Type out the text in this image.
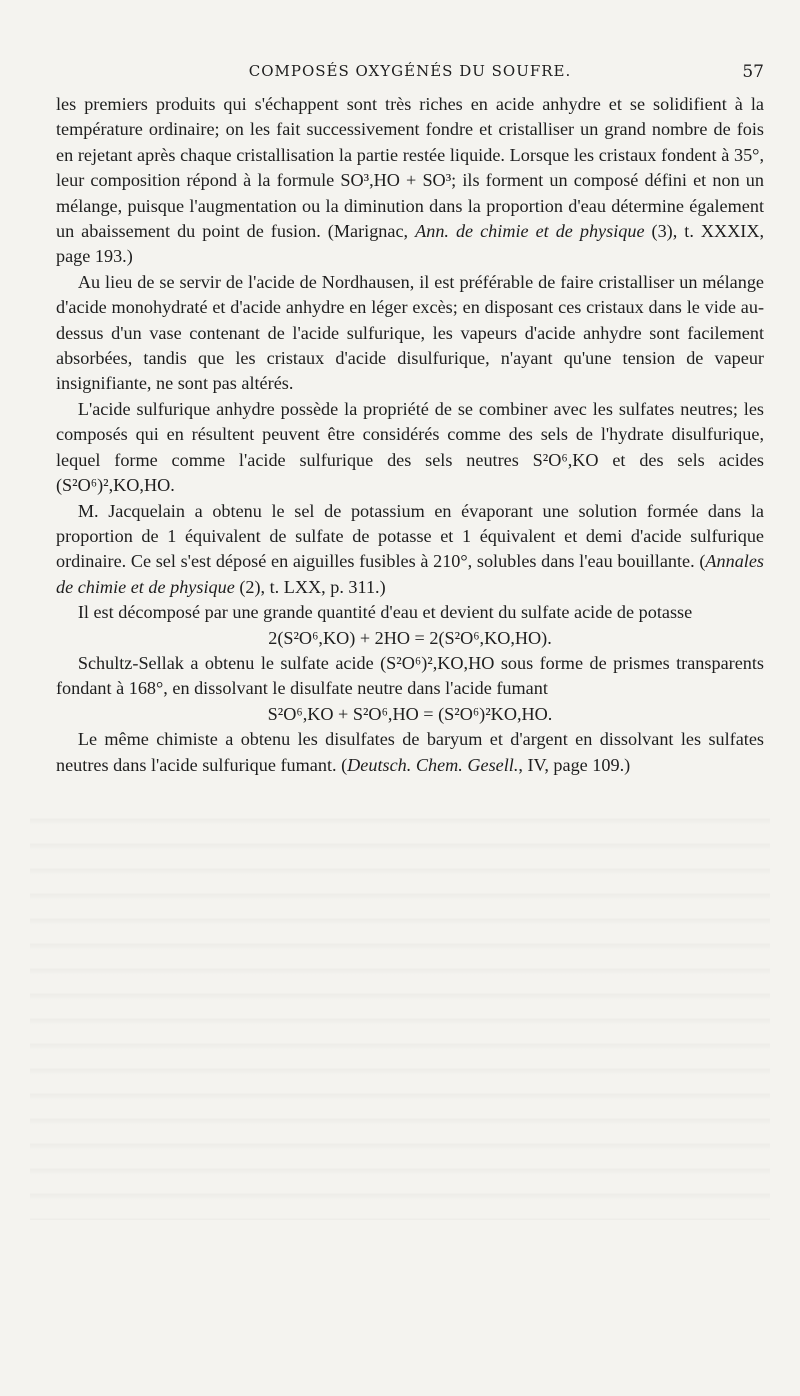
COMPOSÉS OXYGÉNÉS DU SOUFRE.	57

les premiers produits qui s'échappent sont très riches en acide anhydre et se solidifient à la température ordinaire; on les fait successivement fondre et cristalliser un grand nombre de fois en rejetant après chaque cristallisation la partie restée liquide. Lorsque les cristaux fondent à 35°, leur composition répond à la formule SO³,HO + SO³; ils forment un composé défini et non un mélange, puisque l'augmentation ou la diminution dans la proportion d'eau détermine également un abaissement du point de fusion. (Marignac, Ann. de chimie et de physique (3), t. XXXIX, page 193.)

Au lieu de se servir de l'acide de Nordhausen, il est préférable de faire cristalliser un mélange d'acide monohydraté et d'acide anhydre en léger excès; en disposant ces cristaux dans le vide au-dessus d'un vase contenant de l'acide sulfurique, les vapeurs d'acide anhydre sont facilement absorbées, tandis que les cristaux d'acide disulfurique, n'ayant qu'une tension de vapeur insignifiante, ne sont pas altérés.

L'acide sulfurique anhydre possède la propriété de se combiner avec les sulfates neutres; les composés qui en résultent peuvent être considérés comme des sels de l'hydrate disulfurique, lequel forme comme l'acide sulfurique des sels neutres S²O⁶,KO et des sels acides (S²O⁶)²,KO,HO.

M. Jacquelain a obtenu le sel de potassium en évaporant une solution formée dans la proportion de 1 équivalent de sulfate de potasse et 1 équivalent et demi d'acide sulfurique ordinaire. Ce sel s'est déposé en aiguilles fusibles à 210°, solubles dans l'eau bouillante. (Annales de chimie et de physique (2), t. LXX, p. 311.)

Il est décomposé par une grande quantité d'eau et devient du sulfate acide de potasse

2(S²O⁶,KO) + 2HO = 2(S²O⁶,KO,HO).

Schultz-Sellak a obtenu le sulfate acide (S²O⁶)²,KO,HO sous forme de prismes transparents fondant à 168°, en dissolvant le disulfate neutre dans l'acide fumant

S²O⁶,KO + S²O⁶,HO = (S²O⁶)²KO,HO.

Le même chimiste a obtenu les disulfates de baryum et d'argent en dissolvant les sulfates neutres dans l'acide sulfurique fumant. (Deutsch. Chem. Gesell., IV, page 109.)
